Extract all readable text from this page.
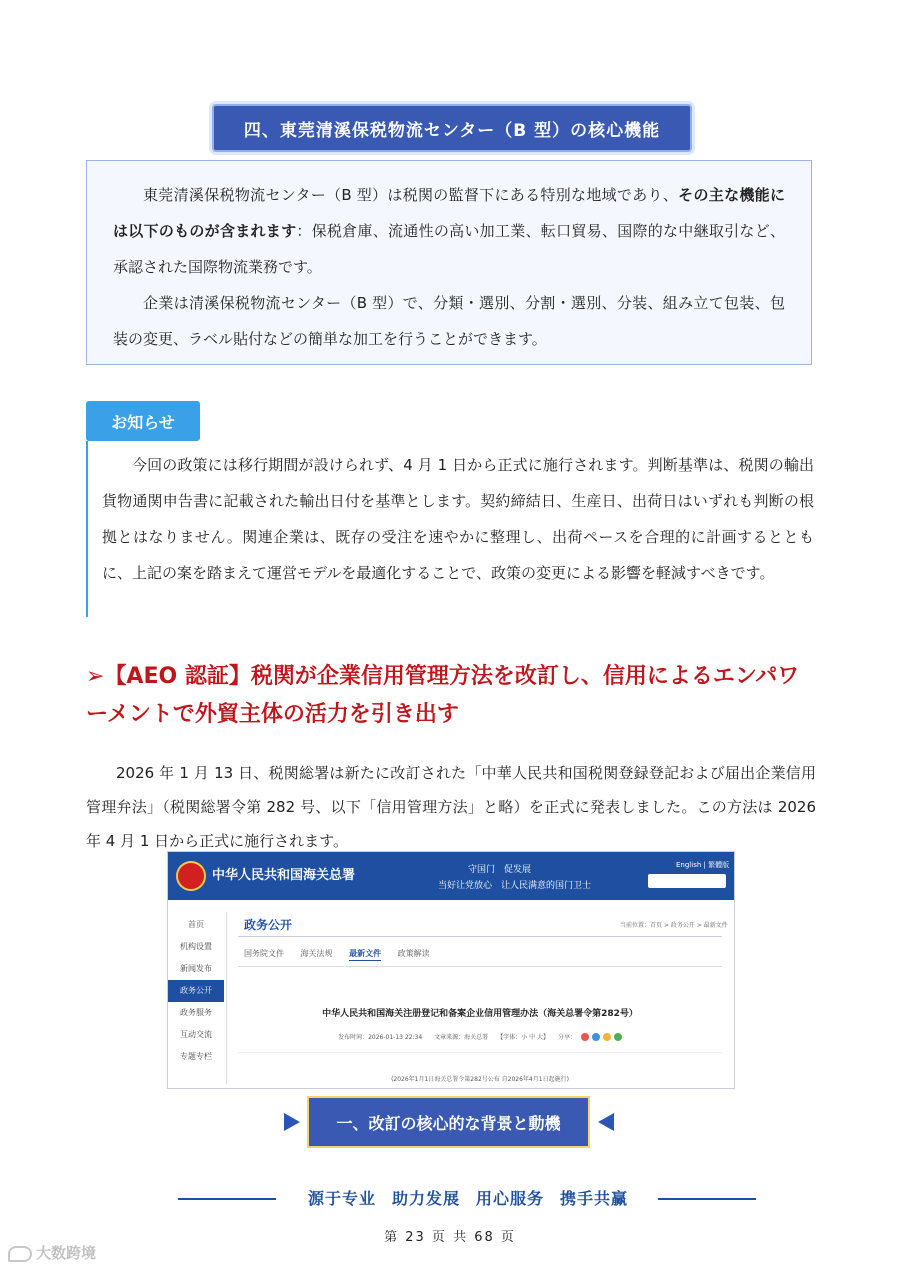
四、東莞清溪保税物流センター（B 型）の核心機能

東莞清溪保税物流センター（B 型）は税関の監督下にある特別な地域であり、その主な機能には以下のものが含まれます：保税倉庫、流通性の高い加工業、転口貿易、国際的な中継取引など、承認された国際物流業務です。

企業は清溪保税物流センター（B 型）で、分類・選別、分割・選別、分装、組み立て包装、包装の変更、ラベル貼付などの簡単な加工を行うことができます。

お知らせ

今回の政策には移行期間が設けられず、4 月 1 日から正式に施行されます。判断基準は、税関の輸出貨物通関申告書に記載された輸出日付を基準とします。契約締結日、生産日、出荷日はいずれも判断の根拠とはなりません。関連企業は、既存の受注を速やかに整理し、出荷ペースを合理的に計画するとともに、上記の案を踏まえて運営モデルを最適化することで、政策の変更による影響を軽減すべきです。

➢【AEO 認証】税関が企業信用管理方法を改訂し、信用によるエンパワーメントで外貿主体の活力を引き出す

2026 年 1 月 13 日、税関総署は新たに改訂された「中華人民共和国税関登録登記および届出企業信用管理弁法」（税関総署令第 282 号、以下「信用管理方法」と略）を正式に発表しました。この方法は 2026 年 4 月 1 日から正式に施行されます。

中华人民共和国海关总署	守国门　促发展
当好让党放心　让人民满意的国门卫士
English | 繁體版
首页
机构设置
新闻发布
政务公开
政务服务
互动交流
专题专栏
政务公开	当前位置：首页 > 政务公开 > 最新文件
国务院文件 海关法规 最新文件 政策解读
中华人民共和国海关注册登记和备案企业信用管理办法（海关总署令第282号）
发布时间：2026-01-13 22:34　　文章来源：海关总署　　【字体：小 中 大】　　分享：
(2026年1月1日海关总署令第282号公布 自2026年4月1日起施行)
一、改訂の核心的な背景と動機
源于专业 助力发展 用心服务 携手共赢
第 23 页 共 68 页
大数跨境
